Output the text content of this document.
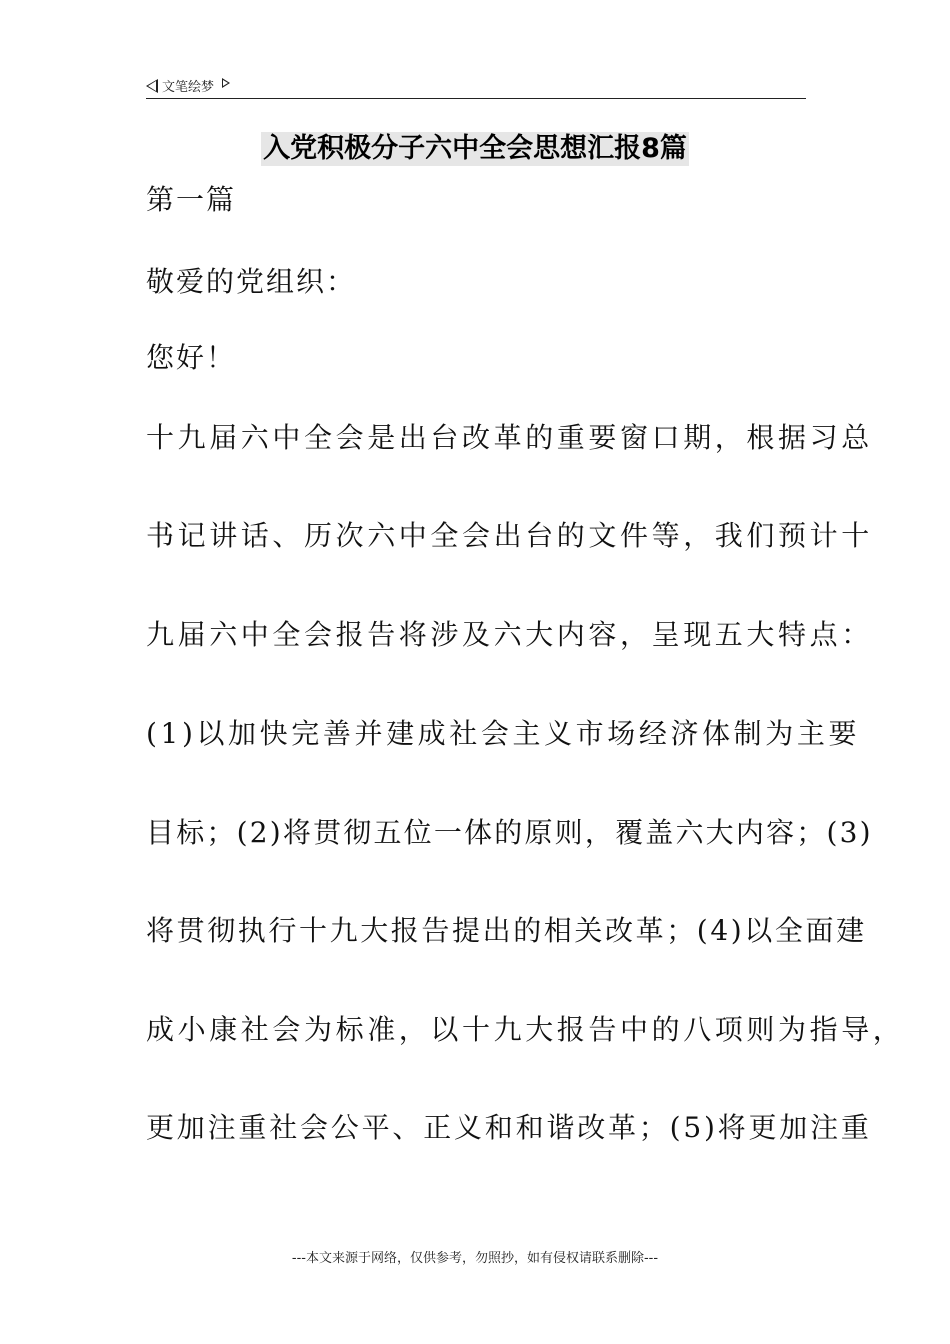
文笔绘梦
入党积极分子六中全会思想汇报8篇
第一篇
敬爱的党组织：
您好！
十九届六中全会是出台改革的重要窗口期，根据习总
书记讲话、历次六中全会出台的文件等，我们预计十
九届六中全会报告将涉及六大内容，呈现五大特点：
(1)以加快完善并建成社会主义市场经济体制为主要
目标；(2)将贯彻五位一体的原则，覆盖六大内容；(3)
将贯彻执行十九大报告提出的相关改革；(4)以全面建
成小康社会为标准，以十九大报告中的八项则为指导，
更加注重社会公平、正义和和谐改革；(5)将更加注重
---本文来源于网络，仅供参考，勿照抄，如有侵权请联系删除---
